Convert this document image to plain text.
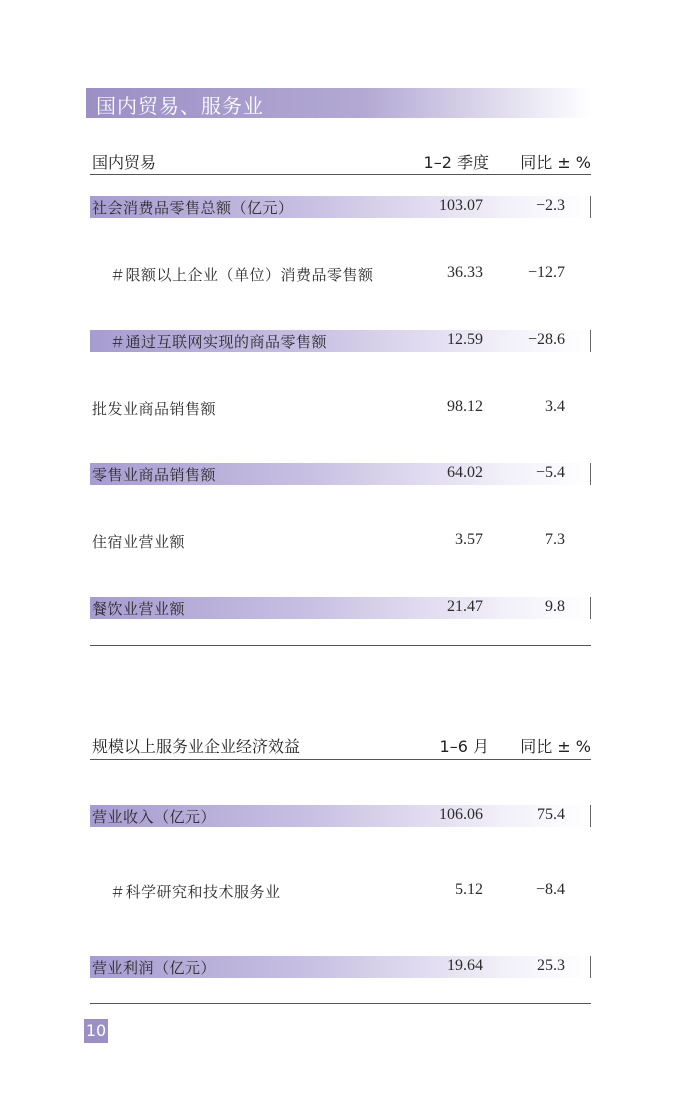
国内贸易、服务业
国内贸易	1–2 季度 同比 ± %
社会消费品零售总额（亿元）	103.07	−2.3
＃限额以上企业（单位）消费品零售额	36.33	−12.7
＃通过互联网实现的商品零售额	12.59	−28.6
批发业商品销售额	98.12	3.4
零售业商品销售额	64.02	−5.4
住宿业营业额	3.57	7.3
餐饮业营业额	21.47	9.8
规模以上服务业企业经济效益	1–6 月 同比 ± %
营业收入（亿元）	106.06	75.4
＃科学研究和技术服务业	5.12	−8.4
营业利润（亿元）	19.64	25.3
10
